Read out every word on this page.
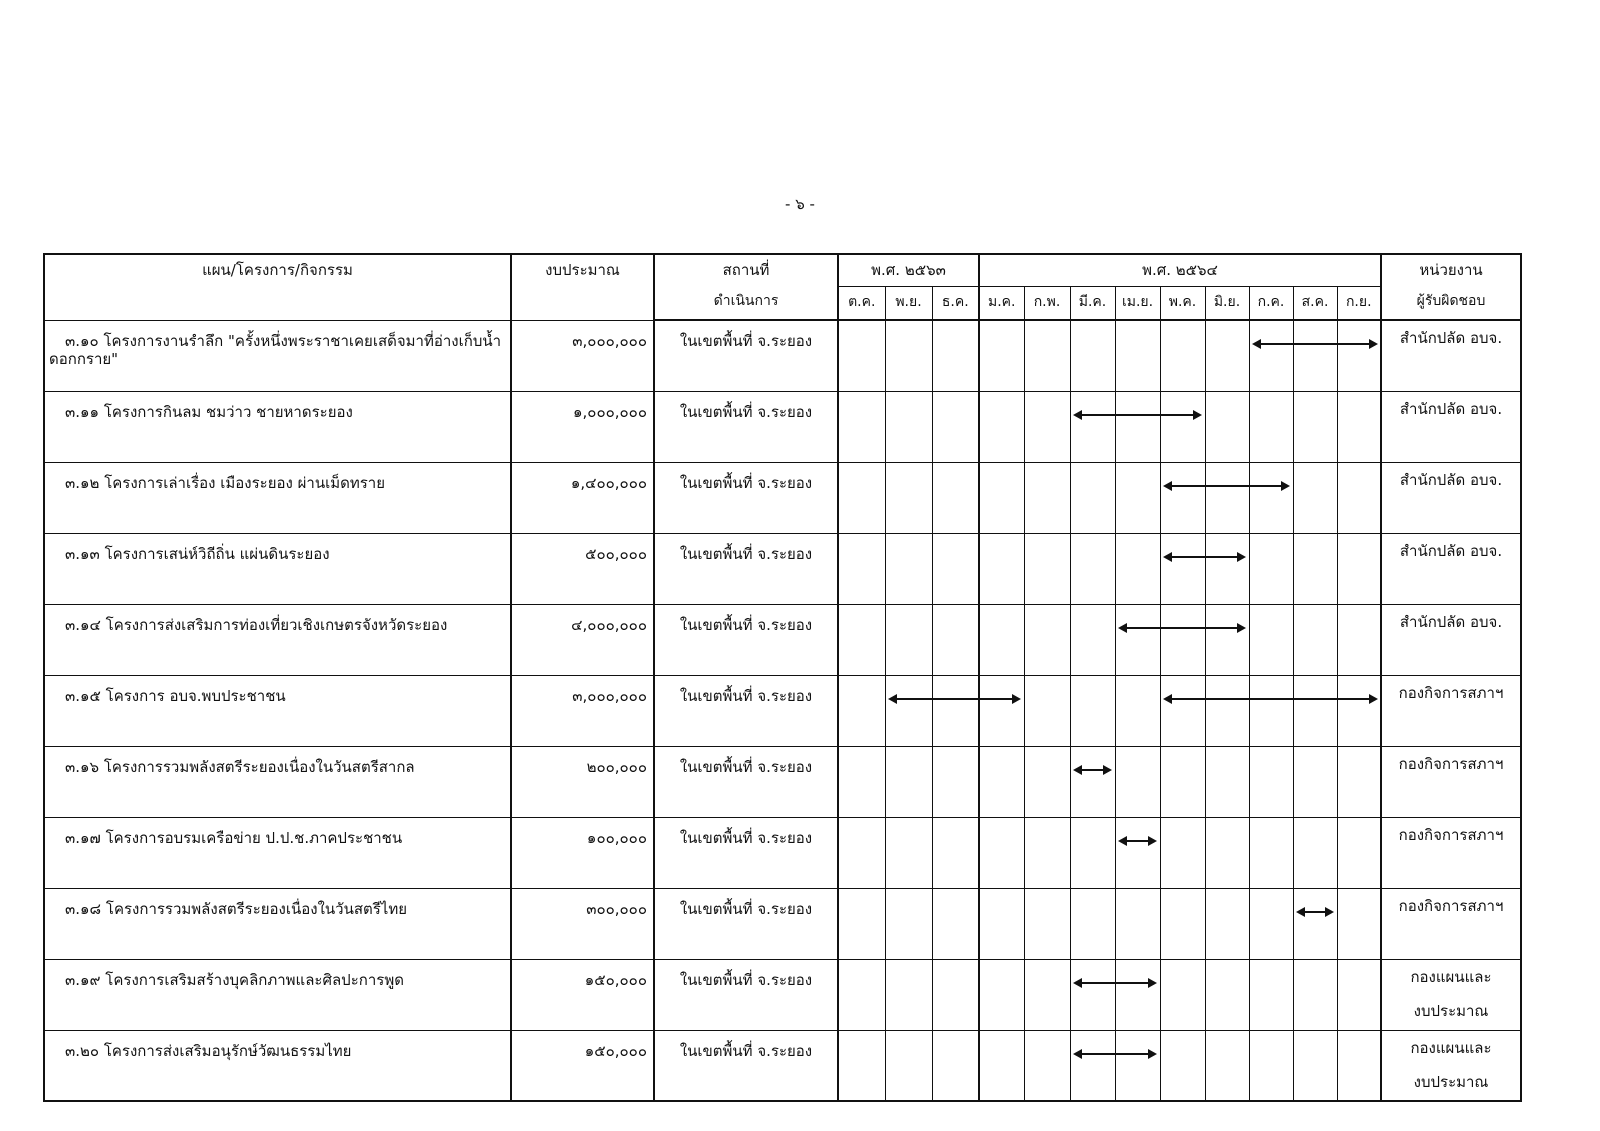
- ๖ -
แผน/โครงการ/กิจกรรม	งบประมาณ	สถานที่	พ.ศ. ๒๕๖๓			พ.ศ. ๒๕๖๔									หน่วยงาน
		ดำเนินการ	ต.ค.	พ.ย.	ธ.ค.	ม.ค.	ก.พ.	มี.ค.	เม.ย.	พ.ค.	มิ.ย.	ก.ค.	ส.ค.	ก.ย.	ผู้รับผิดชอบ
๓.๑๐ โครงการงานรำลึก "ครั้งหนึ่งพระราชาเคยเสด็จมาที่อ่างเก็บน้ำดอกกราย"	๓,๐๐๐,๐๐๐	ในเขตพื้นที่ จ.ระยอง													สำนักปลัด อบจ.
๓.๑๑ โครงการกินลม ชมว่าว ชายหาดระยอง	๑,๐๐๐,๐๐๐	ในเขตพื้นที่ จ.ระยอง													สำนักปลัด อบจ.
๓.๑๒ โครงการเล่าเรื่อง เมืองระยอง ผ่านเม็ดทราย	๑,๔๐๐,๐๐๐	ในเขตพื้นที่ จ.ระยอง													สำนักปลัด อบจ.
๓.๑๓ โครงการเสน่ห์วิถีถิ่น แผ่นดินระยอง	๕๐๐,๐๐๐	ในเขตพื้นที่ จ.ระยอง													สำนักปลัด อบจ.
๓.๑๔ โครงการส่งเสริมการท่องเที่ยวเชิงเกษตรจังหวัดระยอง	๔,๐๐๐,๐๐๐	ในเขตพื้นที่ จ.ระยอง													สำนักปลัด อบจ.
๓.๑๕ โครงการ อบจ.พบประชาชน	๓,๐๐๐,๐๐๐	ในเขตพื้นที่ จ.ระยอง													กองกิจการสภาฯ
๓.๑๖ โครงการรวมพลังสตรีระยองเนื่องในวันสตรีสากล	๒๐๐,๐๐๐	ในเขตพื้นที่ จ.ระยอง													กองกิจการสภาฯ
๓.๑๗ โครงการอบรมเครือข่าย ป.ป.ช.ภาคประชาชน	๑๐๐,๐๐๐	ในเขตพื้นที่ จ.ระยอง													กองกิจการสภาฯ
๓.๑๘ โครงการรวมพลังสตรีระยองเนื่องในวันสตรีไทย	๓๐๐,๐๐๐	ในเขตพื้นที่ จ.ระยอง													กองกิจการสภาฯ
๓.๑๙ โครงการเสริมสร้างบุคลิกภาพและศิลปะการพูด	๑๕๐,๐๐๐	ในเขตพื้นที่ จ.ระยอง													กองแผนและ
งบประมาณ
๓.๒๐ โครงการส่งเสริมอนุรักษ์วัฒนธรรมไทย	๑๕๐,๐๐๐	ในเขตพื้นที่ จ.ระยอง													กองแผนและ
งบประมาณ
